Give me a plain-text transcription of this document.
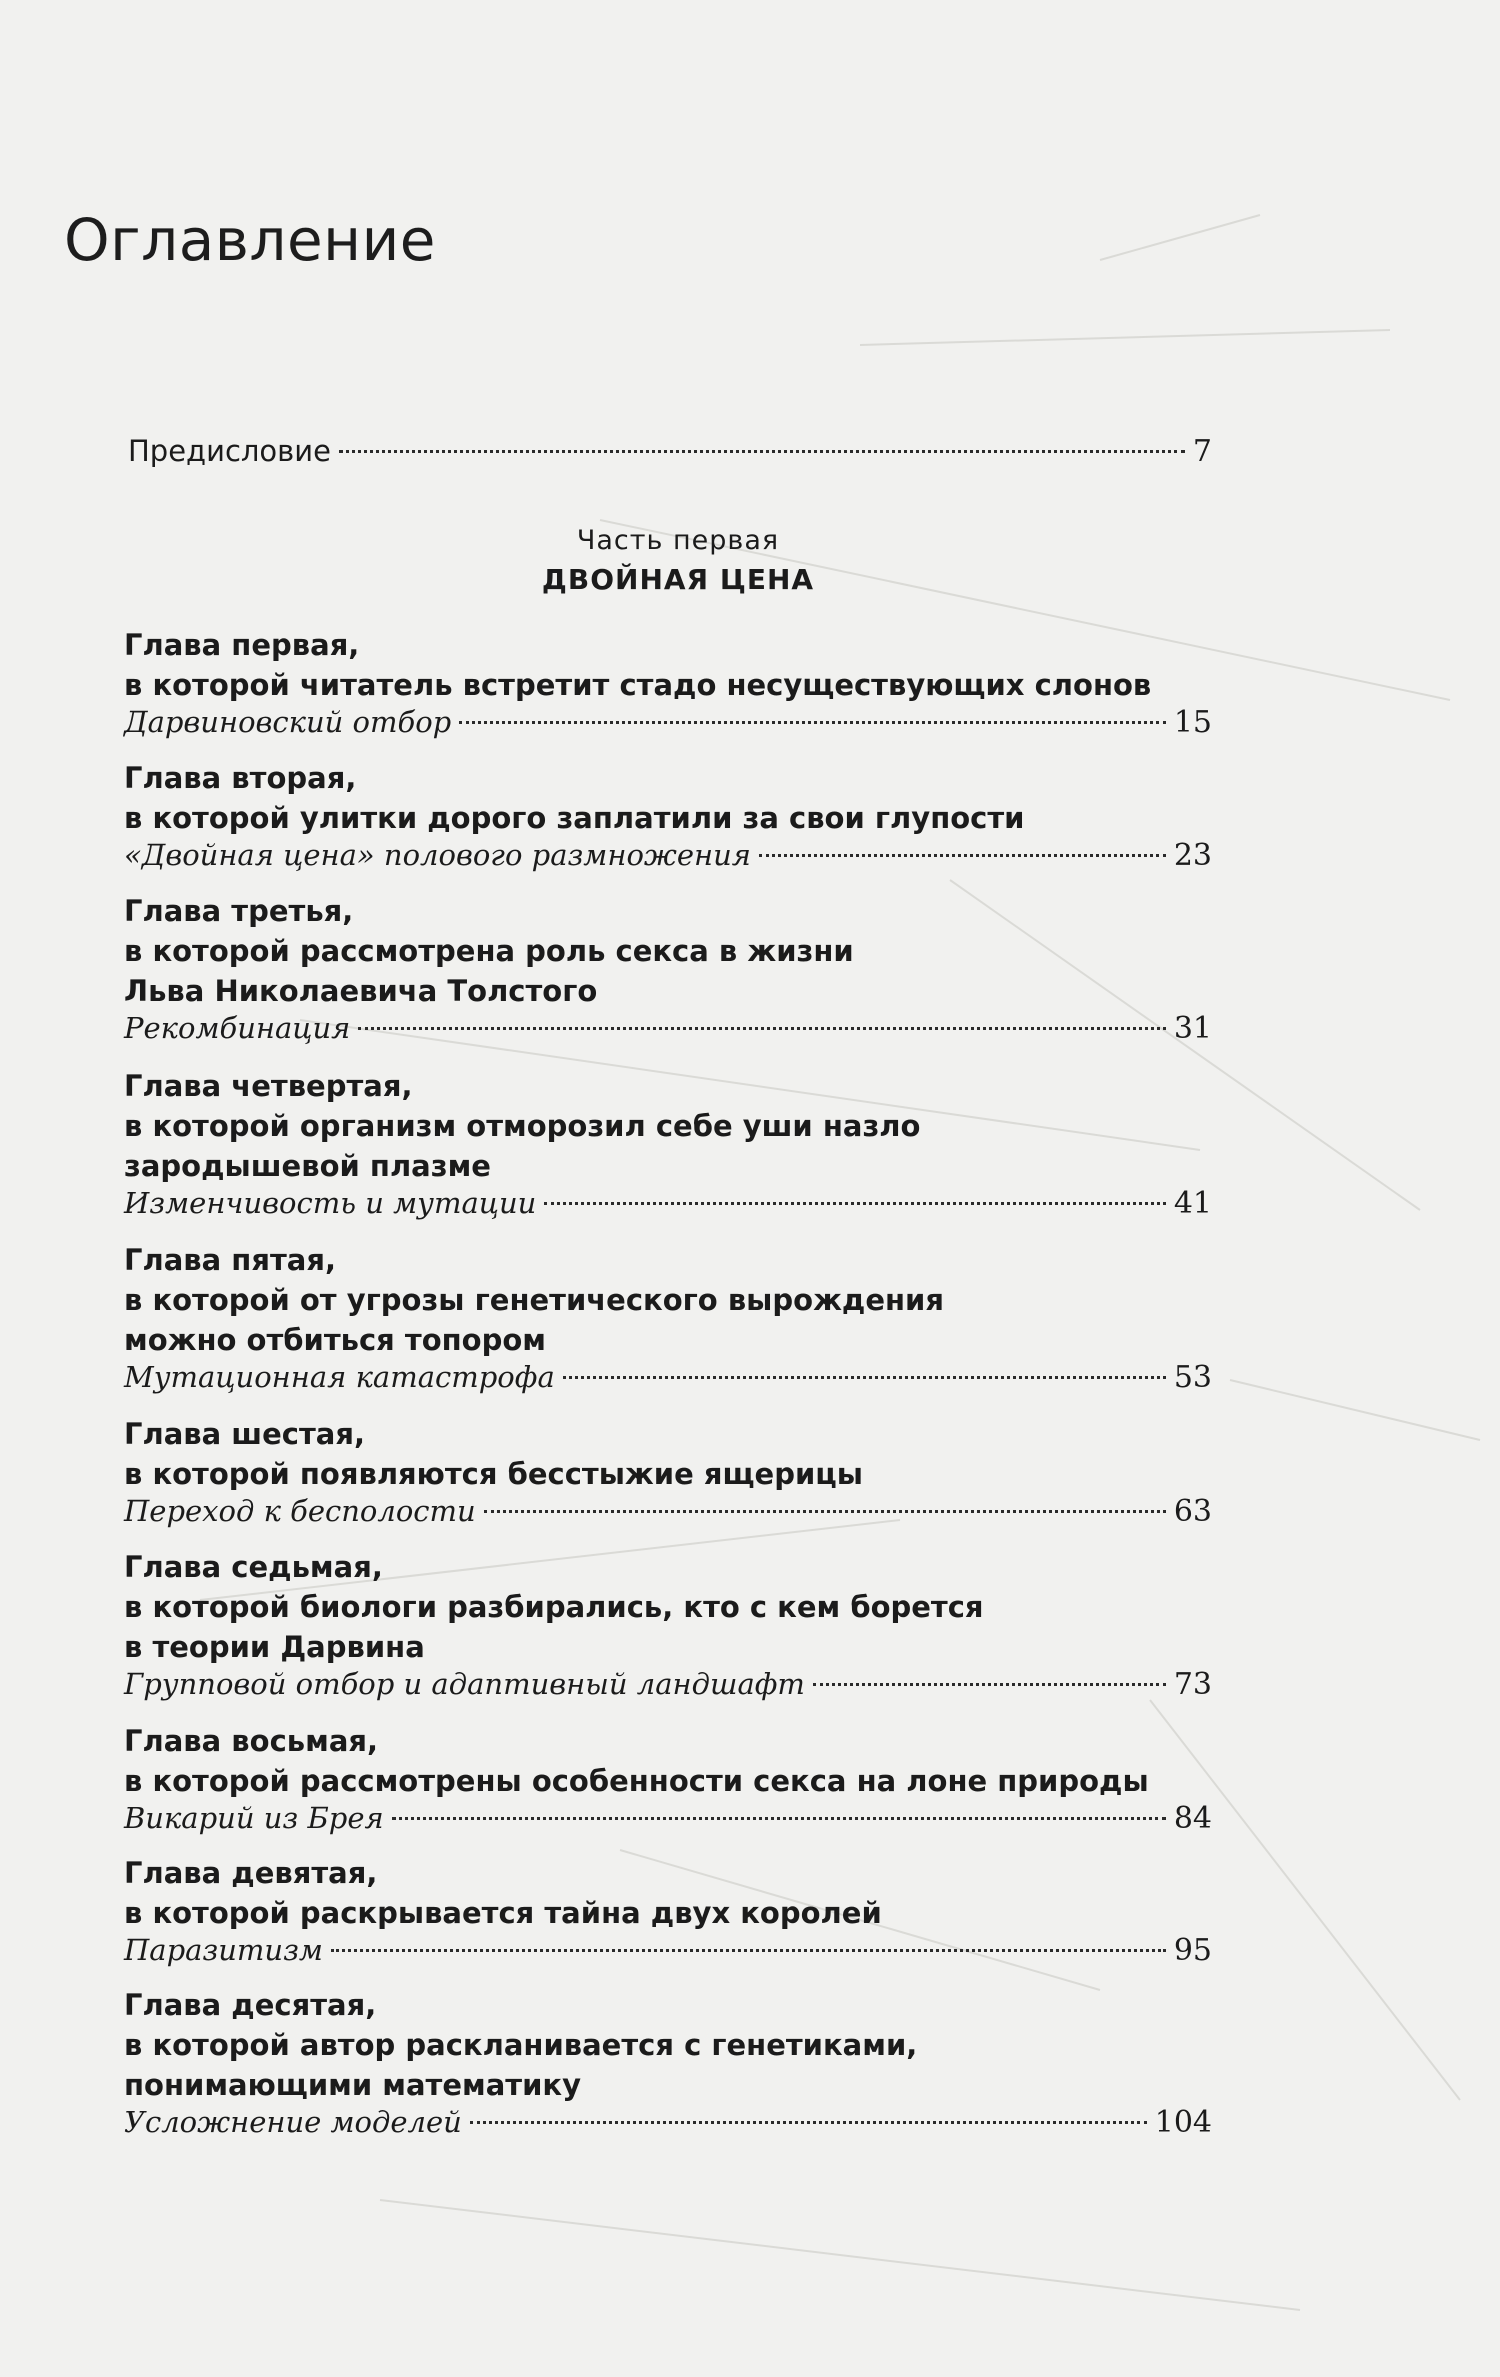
Оглавление
Предисловие	7
Часть первая
ДВОЙНАЯ ЦЕНА
Глава первая,
в которой читатель встретит стадо несуществующих слонов
Дарвиновский отбор	15
Глава вторая,
в которой улитки дорого заплатили за свои глупости
«Двойная цена» полового размножения	23
Глава третья,
в которой рассмотрена роль секса в жизни
Льва Николаевича Толстого
Рекомбинация	31
Глава четвертая,
в которой организм отморозил себе уши назло
зародышевой плазме
Изменчивость и мутации	41
Глава пятая,
в которой от угрозы генетического вырождения
можно отбиться топором
Мутационная катастрофа	53
Глава шестая,
в которой появляются бесстыжие ящерицы
Переход к бесполости	63
Глава седьмая,
в которой биологи разбирались, кто с кем борется
в теории Дарвина
Групповой отбор и адаптивный ландшафт	73
Глава восьмая,
в которой рассмотрены особенности секса на лоне природы
Викарий из Брея	84
Глава девятая,
в которой раскрывается тайна двух королей
Паразитизм	95
Глава десятая,
в которой автор раскланивается с генетиками,
понимающими математику
Усложнение моделей	104
